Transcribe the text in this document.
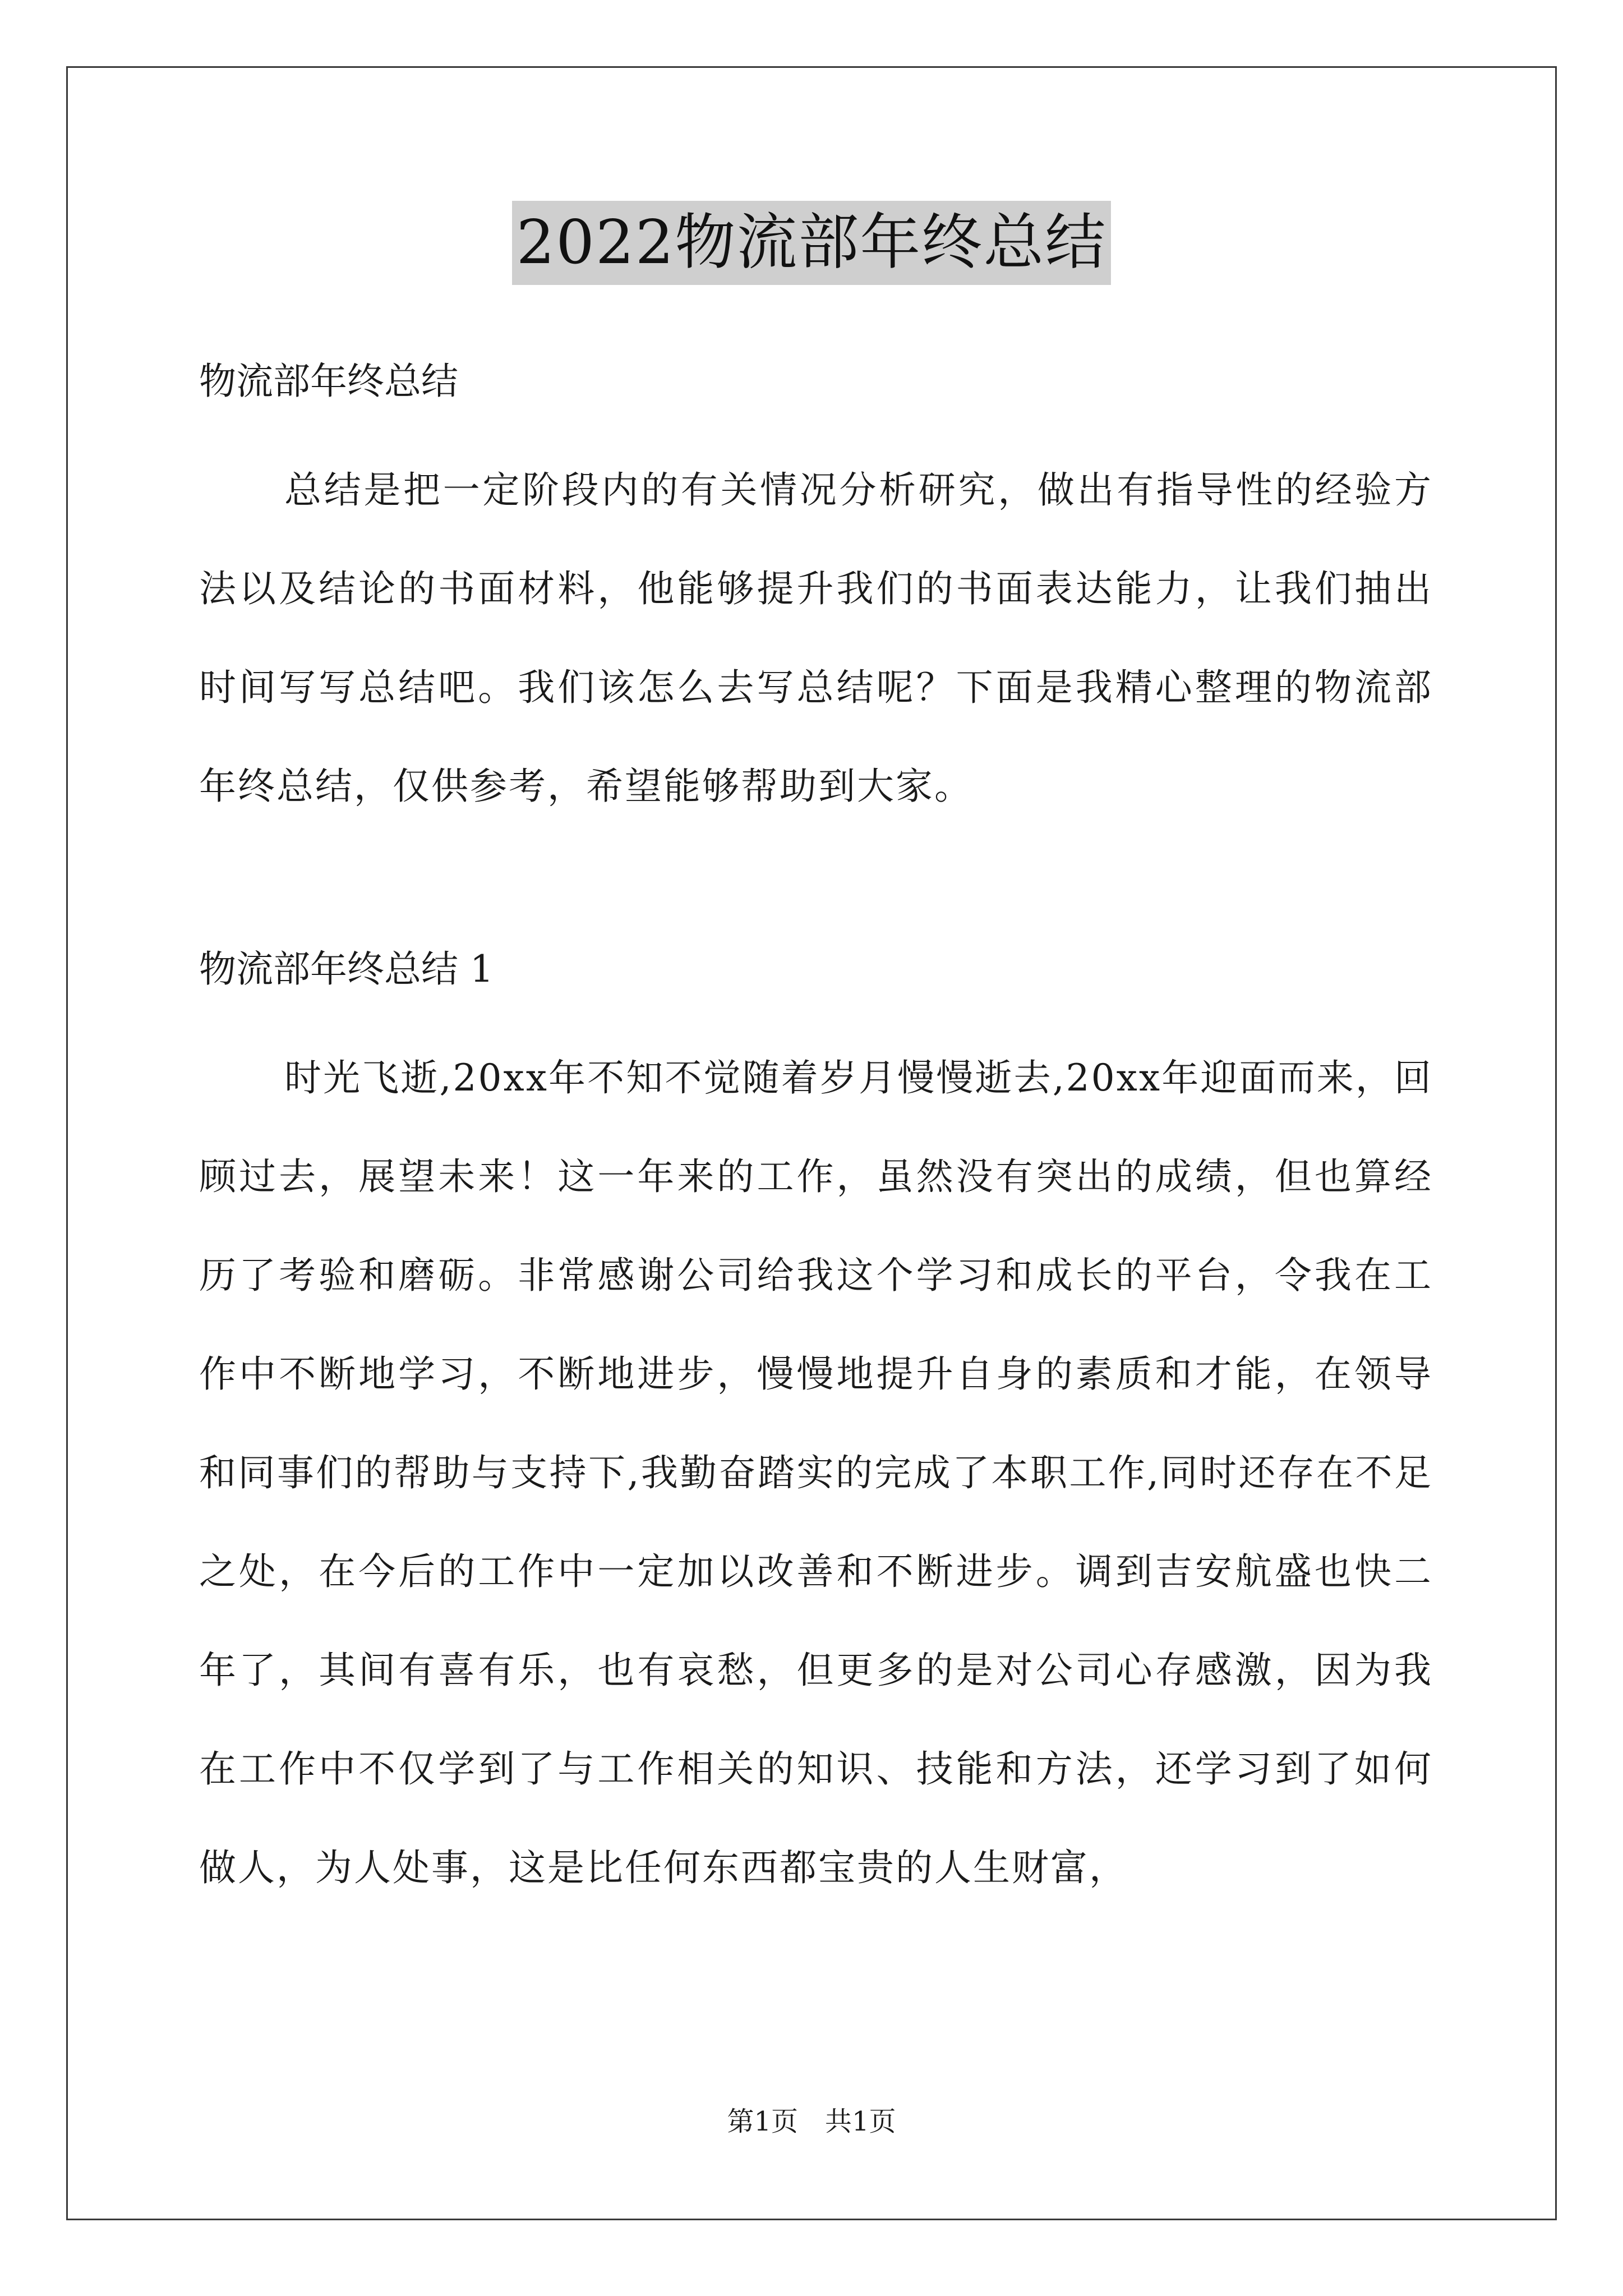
2022物流部年终总结

物流部年终总结

总结是把一定阶段内的有关情况分析研究，做出有指导性的经验方法以及结论的书面材料，他能够提升我们的书面表达能力，让我们抽出时间写写总结吧。我们该怎么去写总结呢？下面是我精心整理的物流部年终总结，仅供参考，希望能够帮助到大家。

物流部年终总结 1

时光飞逝,20xx年不知不觉随着岁月慢慢逝去,20xx年迎面而来，回顾过去，展望未来！这一年来的工作，虽然没有突出的成绩，但也算经历了考验和磨砺。非常感谢公司给我这个学习和成长的平台，令我在工作中不断地学习，不断地进步，慢慢地提升自身的素质和才能，在领导和同事们的帮助与支持下,我勤奋踏实的完成了本职工作,同时还存在不足之处，在今后的工作中一定加以改善和不断进步。调到吉安航盛也快二年了，其间有喜有乐，也有哀愁，但更多的是对公司心存感激，因为我在工作中不仅学到了与工作相关的知识、技能和方法，还学习到了如何做人，为人处事，这是比任何东西都宝贵的人生财富，

第1页　共1页
